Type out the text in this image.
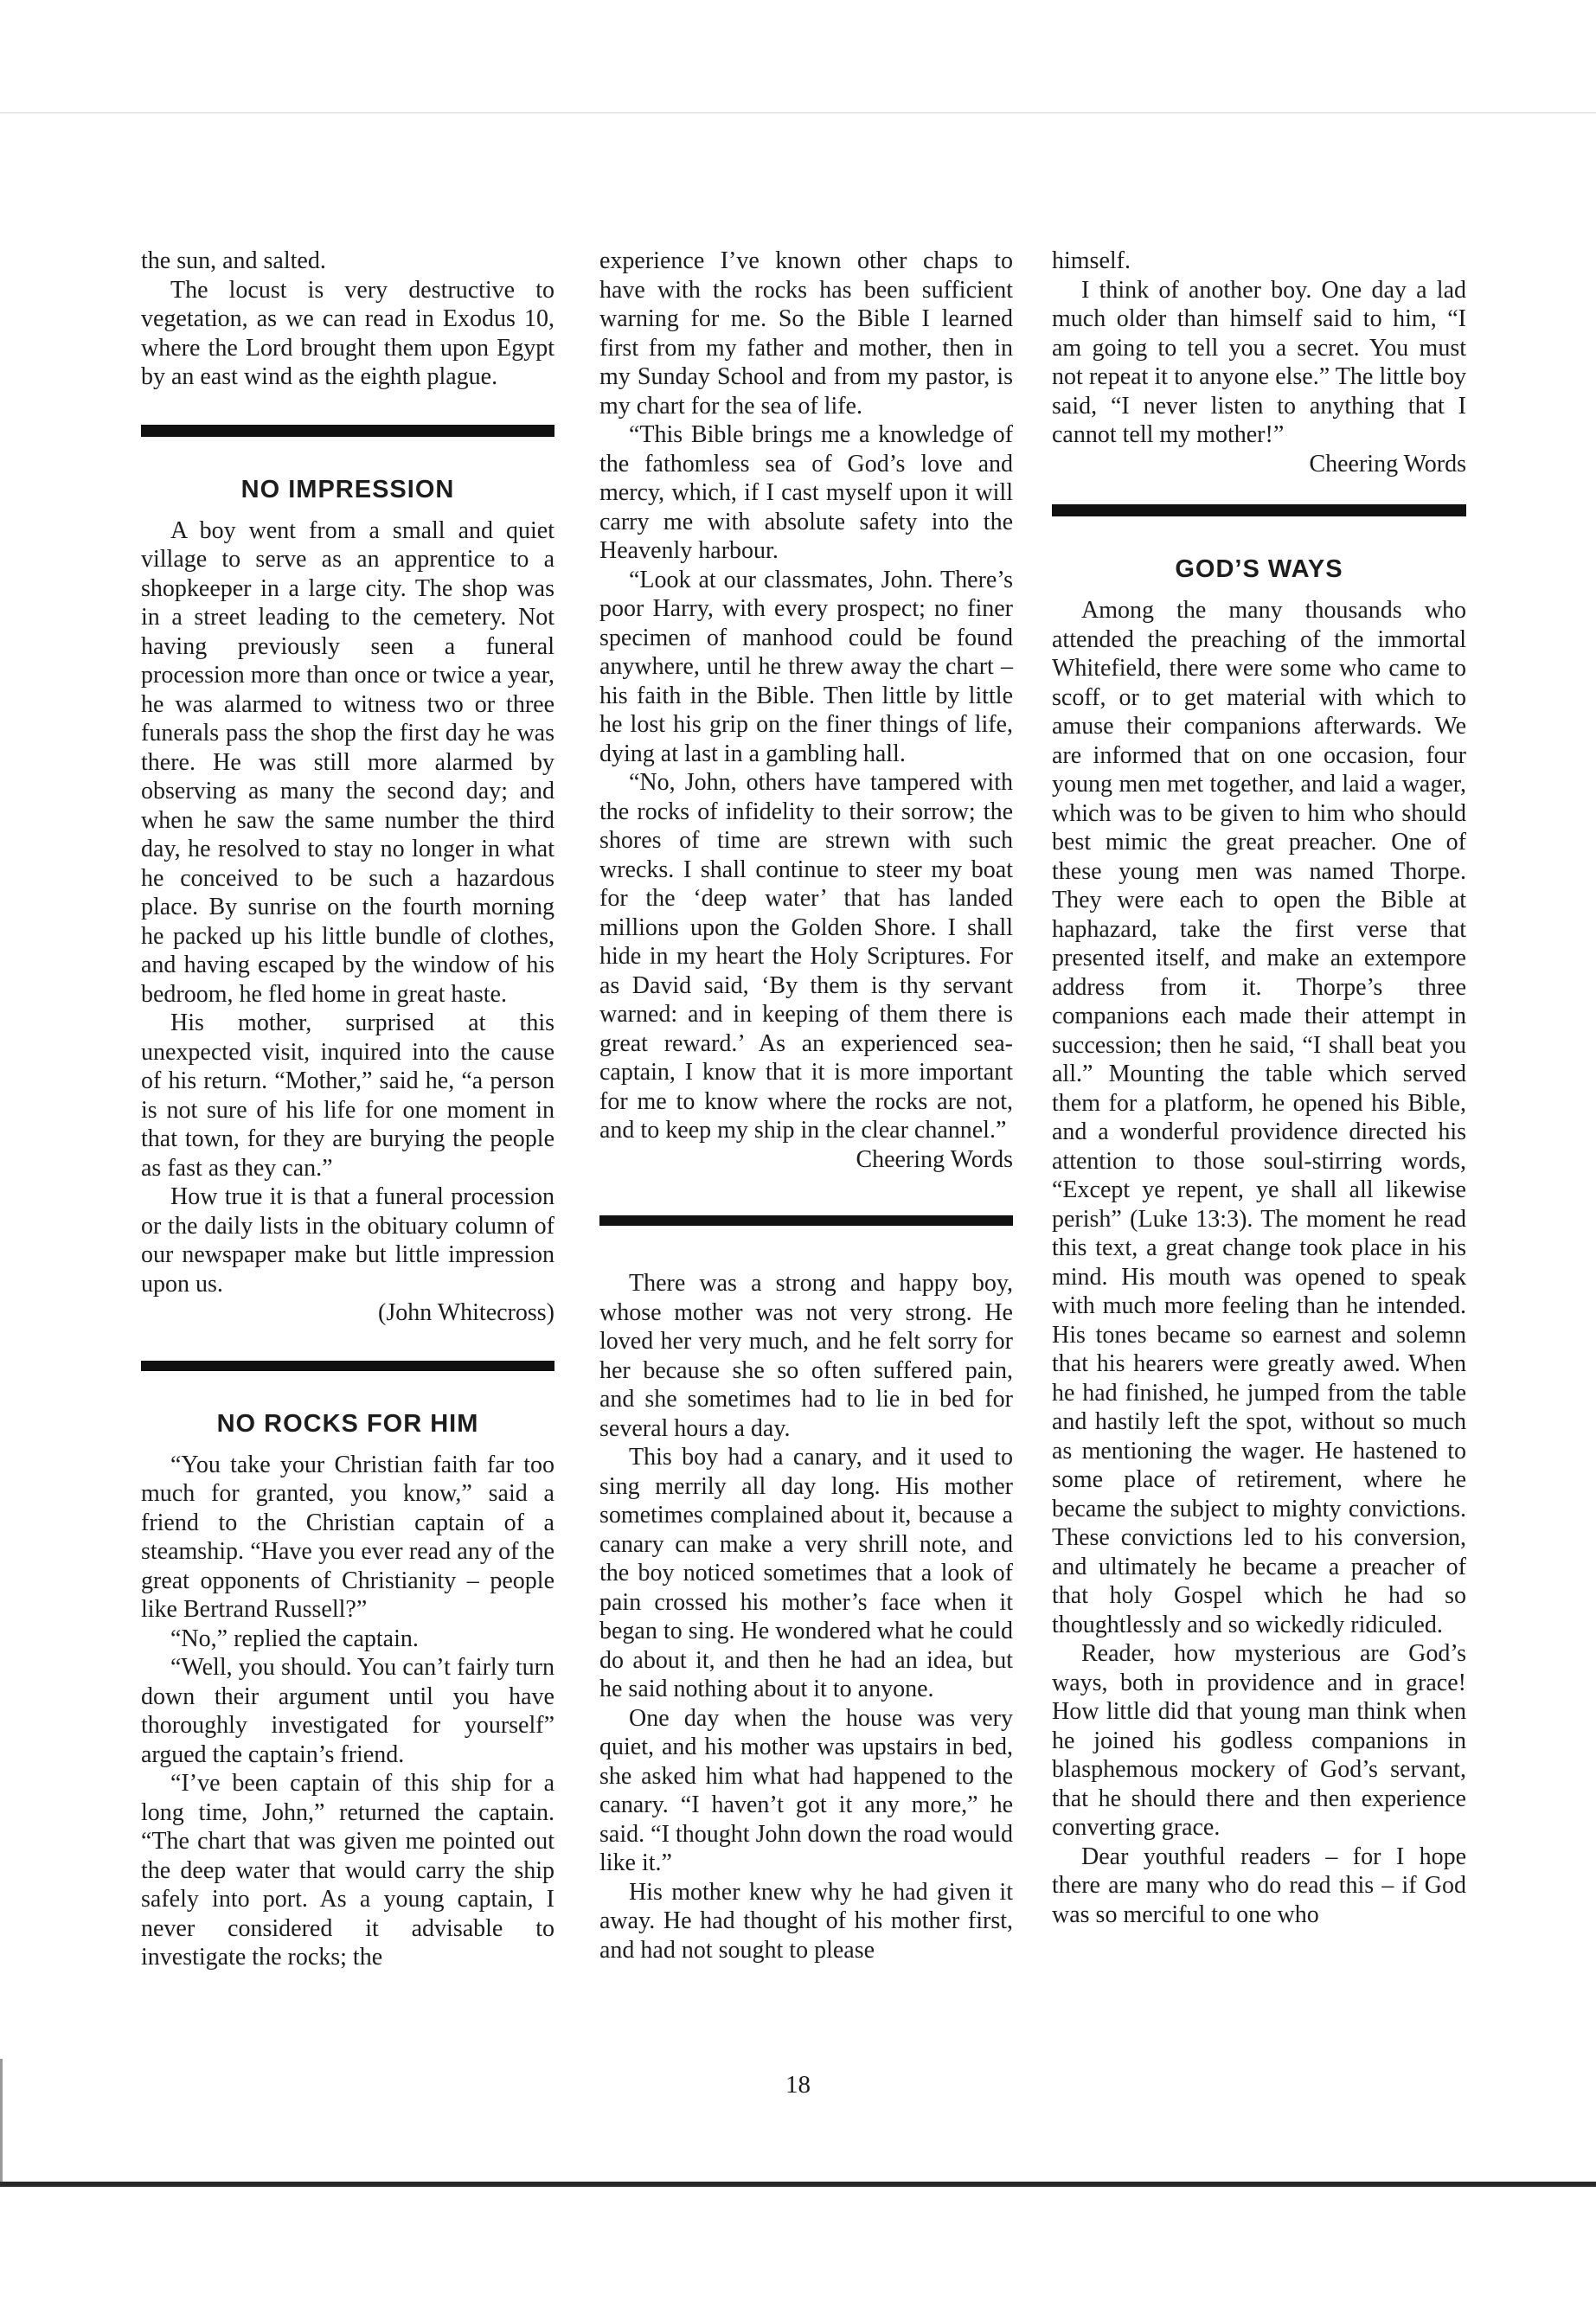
the sun, and salted.

The locust is very destructive to vegetation, as we can read in Exodus 10, where the Lord brought them upon Egypt by an east wind as the eighth plague.

NO IMPRESSION

A boy went from a small and quiet village to serve as an apprentice to a shopkeeper in a large city. The shop was in a street leading to the cemetery. Not having previously seen a funeral procession more than once or twice a year, he was alarmed to witness two or three funerals pass the shop the first day he was there. He was still more alarmed by observing as many the second day; and when he saw the same number the third day, he resolved to stay no longer in what he conceived to be such a hazardous place. By sunrise on the fourth morning he packed up his little bundle of clothes, and having escaped by the window of his bedroom, he fled home in great haste.

His mother, surprised at this unexpected visit, inquired into the cause of his return. “Mother,” said he, “a person is not sure of his life for one moment in that town, for they are burying the people as fast as they can.”

How true it is that a funeral procession or the daily lists in the obituary column of our newspaper make but little impression upon us.

(John Whitecross)

NO ROCKS FOR HIM

“You take your Christian faith far too much for granted, you know,” said a friend to the Christian captain of a steamship. “Have you ever read any of the great opponents of Christianity – people like Bertrand Russell?”

“No,” replied the captain.

“Well, you should. You can’t fairly turn down their argument until you have thoroughly investigated for yourself” argued the captain’s friend.

“I’ve been captain of this ship for a long time, John,” returned the captain. “The chart that was given me pointed out the deep water that would carry the ship safely into port. As a young captain, I never considered it advisable to investigate the rocks; the

experience I’ve known other chaps to have with the rocks has been sufficient warning for me. So the Bible I learned first from my father and mother, then in my Sunday School and from my pastor, is my chart for the sea of life.

“This Bible brings me a knowledge of the fathomless sea of God’s love and mercy, which, if I cast myself upon it will carry me with absolute safety into the Heavenly harbour.

“Look at our classmates, John. There’s poor Harry, with every prospect; no finer specimen of manhood could be found anywhere, until he threw away the chart – his faith in the Bible. Then little by little he lost his grip on the finer things of life, dying at last in a gambling hall.

“No, John, others have tampered with the rocks of infidelity to their sorrow; the shores of time are strewn with such wrecks. I shall continue to steer my boat for the ‘deep water’ that has landed millions upon the Golden Shore. I shall hide in my heart the Holy Scriptures. For as David said, ‘By them is thy servant warned: and in keeping of them there is great reward.’ As an experienced sea-captain, I know that it is more important for me to know where the rocks are not, and to keep my ship in the clear channel.”

Cheering Words

There was a strong and happy boy, whose mother was not very strong. He loved her very much, and he felt sorry for her because she so often suffered pain, and she sometimes had to lie in bed for several hours a day.

This boy had a canary, and it used to sing merrily all day long. His mother sometimes complained about it, because a canary can make a very shrill note, and the boy noticed sometimes that a look of pain crossed his mother’s face when it began to sing. He wondered what he could do about it, and then he had an idea, but he said nothing about it to anyone.

One day when the house was very quiet, and his mother was upstairs in bed, she asked him what had happened to the canary. “I haven’t got it any more,” he said. “I thought John down the road would like it.”

His mother knew why he had given it away. He had thought of his mother first, and had not sought to please

himself.

I think of another boy. One day a lad much older than himself said to him, “I am going to tell you a secret. You must not repeat it to anyone else.” The little boy said, “I never listen to anything that I cannot tell my mother!”

Cheering Words

GOD’S WAYS

Among the many thousands who attended the preaching of the immortal Whitefield, there were some who came to scoff, or to get material with which to amuse their companions afterwards. We are informed that on one occasion, four young men met together, and laid a wager, which was to be given to him who should best mimic the great preacher. One of these young men was named Thorpe. They were each to open the Bible at haphazard, take the first verse that presented itself, and make an extempore address from it. Thorpe’s three companions each made their attempt in succession; then he said, “I shall beat you all.” Mounting the table which served them for a platform, he opened his Bible, and a wonderful providence directed his attention to those soul-stirring words, “Except ye repent, ye shall all likewise perish” (Luke 13:3). The moment he read this text, a great change took place in his mind. His mouth was opened to speak with much more feeling than he intended. His tones became so earnest and solemn that his hearers were greatly awed. When he had finished, he jumped from the table and hastily left the spot, without so much as mentioning the wager. He hastened to some place of retirement, where he became the subject to mighty convictions. These convictions led to his conversion, and ultimately he became a preacher of that holy Gospel which he had so thoughtlessly and so wickedly ridiculed.

Reader, how mysterious are God’s ways, both in providence and in grace! How little did that young man think when he joined his godless companions in blasphemous mockery of God’s servant, that he should there and then experience converting grace.

Dear youthful readers – for I hope there are many who do read this – if God was so merciful to one who

18
